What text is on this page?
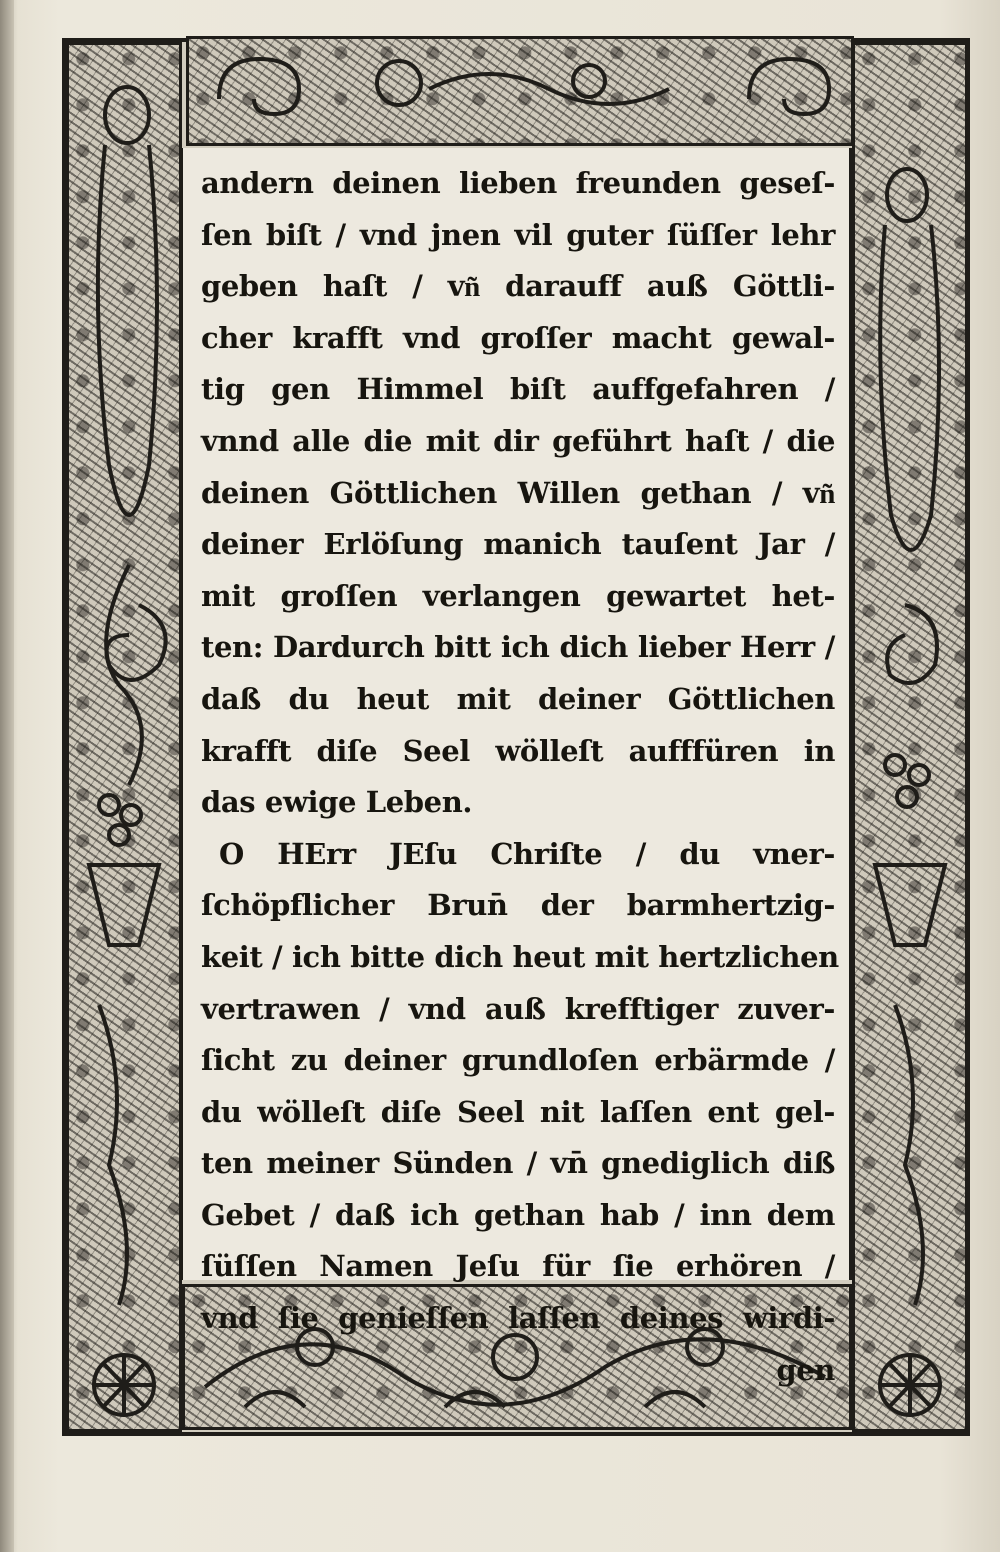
andern deinen lieben freunden geseſ-
ſen biſt / vnd jnen vil guter ſüſſer lehr
geben haſt / vn͂ darauff auß Göttli-
cher krafft vnd groſſer macht gewal-
tig gen Himmel biſt auffgefahren /
vnnd alle die mit dir geführt haſt / die
deinen Göttlichen Willen gethan / vn͂
deiner Erlöſung manich tauſent Jar /
mit groſſen verlangen gewartet het-
ten: Dardurch bitt ich dich lieber Herr /
daß du heut mit deiner Göttlichen
krafft diſe Seel wölleſt aufffüren in
das ewige Leben.
O HErr JEſu Chriſte / du vner-
ſchöpflicher Brun̄ der barmhertzig-
keit / ich bitte dich heut mit hertzlichen
vertrawen / vnd auß krefftiger zuver-
ſicht zu deiner grundloſen erbärmde /
du wölleſt diſe Seel nit laſſen ent gel-
ten meiner Sünden / vn̄ gnediglich diß
Gebet / daß ich gethan hab / inn dem
ſüſſen Namen Jeſu für ſie erhören /
vnd ſie genieſſen laſſen deines wirdi-
gen
